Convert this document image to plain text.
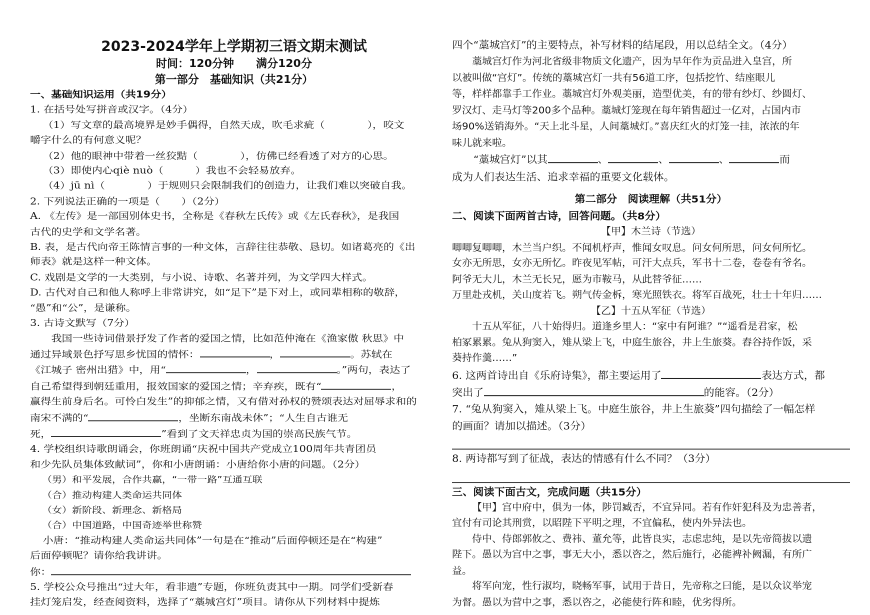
2023-2024学年上学期初三语文期末测试
时间：120分钟　　满分120分
第一部分　基础知识（共21分）

一、基础知识运用（共19分）

1. 在括号处写拼音或汉字。（4分）

（1）写文章的最高境界是妙手偶得，自然天成，吹毛求疵（　　　　），咬文

嚼字什么的有何意义呢？

（2）他的眼神中带着一丝狡黠（　　　　），仿佛已经看透了对方的心思。

（3）即使内心qiè nuò（　　　）我也不会轻易放弃。

（4）jū nì（　　　　）于规则只会限制我们的创造力，让我们难以突破自我。

2. 下列说法正确的一项是（　　）（2分）

A. 《左传》是一部国别体史书，全称是《春秋左氏传》或《左氏春秋》，是我国

古代的史学和文学名著。

B. 表，是古代向帝王陈情言事的一种文体，言辞往往恭敬、恳切。如诸葛亮的《出

师表》就是这样一种文体。

C. 戏剧是文学的一大类别，与小说、诗歌、名著并列，为文学四大样式。

D. 古代对自己和他人称呼上非常讲究，如“足下”是下对上，或同辈相称的敬辞，

“愚”和“公”，是谦称。

3. 古诗文默写（7分）

我国一些诗词借景抒发了作者的爱国之情，比如范仲淹在《渔家傲 秋思》中

通过异域景色抒写思乡忧国的情怀：	，	。苏轼在

《江城子 密州出猎》中，用“	，	。”两句，表达了

自己希望得到朝廷重用，报效国家的爱国之情；辛弃疾，既有“	，

赢得生前身后名。可怜白发生”的抑郁之情，又有借对孙权的赞颂表达对屈辱求和的

南宋不满的“	，坐断东南战未休”；“人生自古谁无

死，	”看到了文天祥忠贞为国的崇高民族气节。

4. 学校组织诗歌朗诵会，你班朗诵“庆祝中国共产党成立100周年共青团员

和少先队员集体致献词”，你和小唐朗诵：小唐给你小唐的问题。（2分）

（男）和平发展，合作共赢，“一带一路”互通互联

（合）推动构建人类命运共同体

（女）新阶段、新理念、新格局

（合）中国道路，中国奇迹举世称赞

小唐：“推动构建人类命运共同体”一句是在“推动”后面停顿还是在“构建”

后面停顿呢？请你给我讲讲。

你：

5. 学校公众号推出“过大年，看非遗”专题，你班负责其中一期。同学们受新春

挂灯笼启发，经查阅资料，选择了“藁城宫灯”项目。请你从下列材料中提炼

四个“藁城宫灯”的主要特点，补写材料的结尾段，用以总结全文。（4分）

藁城宫灯作为河北省级非物质文化遗产，因为早年作为贡品进入皇宫，所

以被叫做“宫灯”。传统的藁城宫灯一共有56道工序，包括挖竹、结座眼儿

等，样样都靠手工作业。藁城宫灯外观美丽，造型优美，有的带有纱灯、纱圆灯、

罗汉灯、走马灯等200多个品种。藁城灯笼现在每年销售超过一亿对，占国内市

场90%送销海外。“天上北斗星，人间藁城灯。”喜庆红火的灯笼一挂，浓浓的年

味儿就来啦。

“藁城宫灯”以其	、	、	、	而

成为人们表达生活、追求幸福的重要文化载体。

第二部分　阅读理解（共51分）

二、阅读下面两首古诗，回答问题。（共8分）

【甲】木兰诗（节选）

唧唧复唧唧，木兰当户织。不闻机杼声，惟闻女叹息。问女何所思，问女何所忆。

女亦无所思，女亦无所忆。昨夜见军帖，可汗大点兵，军书十二卷，卷卷有爷名。

阿爷无大儿，木兰无长兄，愿为市鞍马，从此替爷征……

万里赴戎机，关山度若飞。朔气传金柝，寒光照铁衣。将军百战死，壮士十年归……

【乙】十五从军征（节选）

十五从军征，八十始得归。道逢乡里人：“家中有阿谁？”“遥看是君家，松

柏冢累累。兔从狗窦入，雉从梁上飞，中庭生旅谷，井上生旅葵。舂谷持作饭，采

葵持作羹……”

6. 这两首诗出自《乐府诗集》，都主要运用了	表达方式，都

突出了	的能容。（2分）

7. “兔从狗窦入，雉从梁上飞。中庭生旅谷，井上生旅葵”四句描绘了一幅怎样

的画面？请加以描述。（3分）

8. 两诗都写到了征战，表达的情感有什么不同？（3分）

三、阅读下面古文，完成问题（共15分）

【甲】宫中府中，俱为一体，陟罚臧否，不宜异同。若有作奸犯科及为忠善者，

宜付有司论其刑赏，以昭陛下平明之理，不宜偏私，使内外异法也。

侍中、侍郎郭攸之、费祎、董允等，此皆良实，志虑忠纯，是以先帝简拔以遗

陛下。愚以为宫中之事，事无大小，悉以咨之，然后施行，必能裨补阙漏，有所广

益。

将军向宠，性行淑均，晓畅军事，试用于昔日，先帝称之曰能，是以众议举宠

为督。愚以为营中之事，悉以咨之，必能使行阵和睦，优劣得所。
